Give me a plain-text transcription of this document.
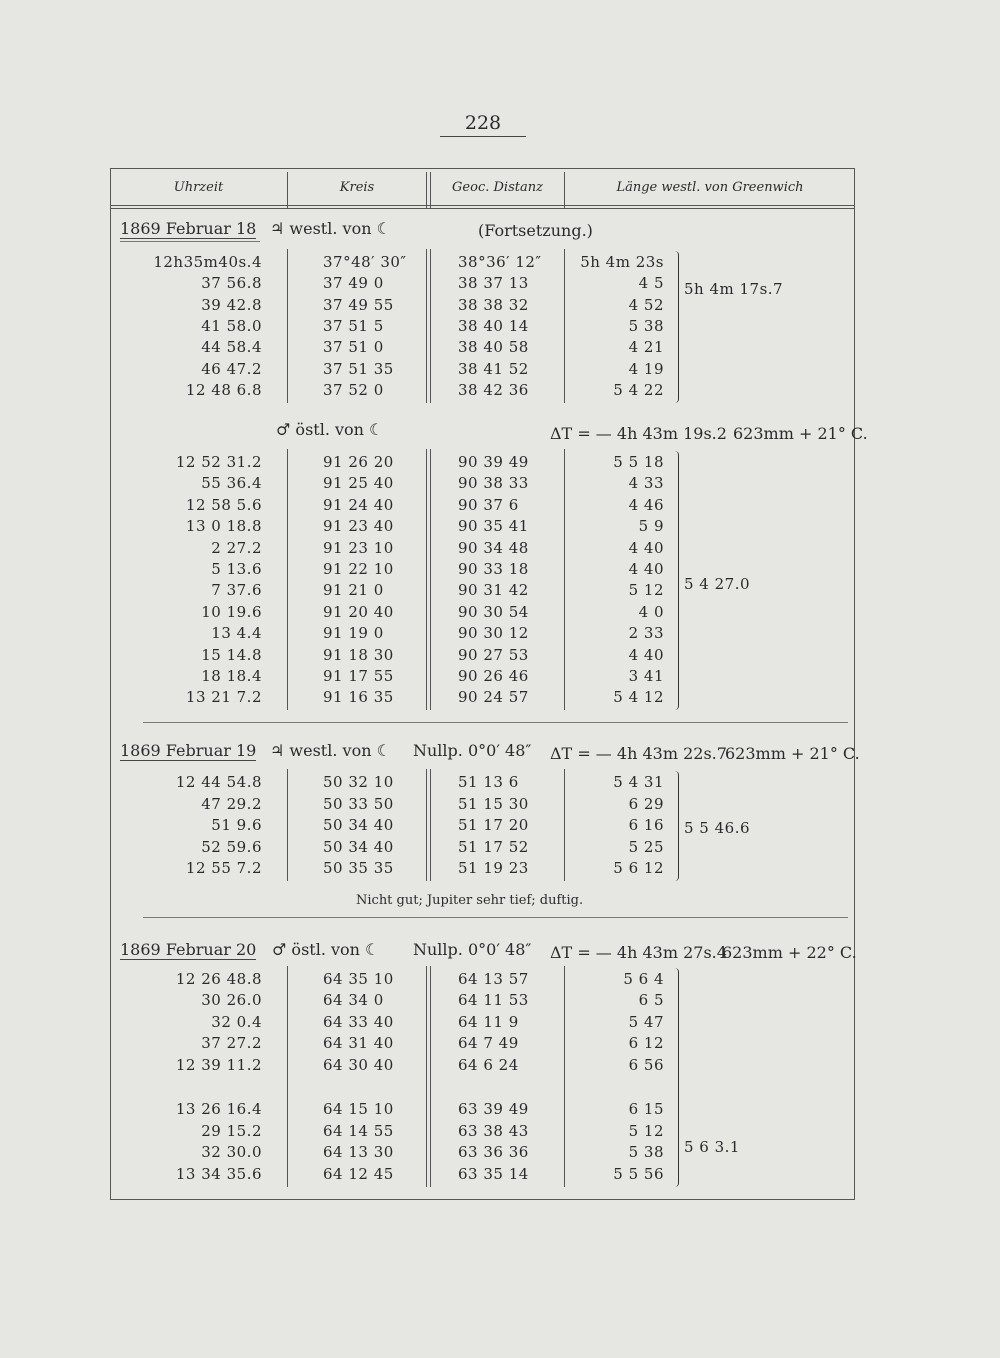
228
Uhrzeit	Kreis	Geoc. Distanz	Länge westl. von Greenwich
1869 Februar 18 ♃ westl. von ☾	(Fortsetzung.)
♂ östl. von ☾	ΔT = — 4h 43m 19s.2 623mm + 21° C.
1869 Februar 19 ♃ westl. von ☾ Nullp. 0°0′ 48″ ΔT = — 4h 43m 22s.7
623mm + 21° C.
Nicht gut; Jupiter sehr tief; duftig.
1869 Februar 20 ♂ östl. von ☾ Nullp. 0°0′ 48″ ΔT = — 4h 43m 27s.4
623mm + 22° C.
12h35m40s.4	37°48′ 30″	38°36′ 12″	5h 4m 23s
37 56.8	37 49 0	38 37 13	4 5
39 42.8	37 49 55	38 38 32	4 52
41 58.0	37 51 5	38 40 14	5 38
44 58.4	37 51 0	38 40 58	4 21
46 47.2	37 51 35	38 41 52	4 19
12 48 6.8	37 52 0	38 42 36	5 4 22
5h 4m 17s.7
12 52 31.2	91 26 20	90 39 49	5 5 18
55 36.4	91 25 40	90 38 33	4 33
12 58 5.6	91 24 40	90 37 6	4 46
13 0 18.8	91 23 40	90 35 41	5 9
2 27.2	91 23 10	90 34 48	4 40
5 13.6	91 22 10	90 33 18	4 40
7 37.6	91 21 0	90 31 42	5 12
10 19.6	91 20 40	90 30 54	4 0
13 4.4	91 19 0	90 30 12	2 33
15 14.8	91 18 30	90 27 53	4 40
18 18.4	91 17 55	90 26 46	3 41
13 21 7.2	91 16 35	90 24 57	5 4 12
5 4 27.0
12 44 54.8	50 32 10	51 13 6	5 4 31
47 29.2	50 33 50	51 15 30	6 29
51 9.6	50 34 40	51 17 20	6 16
52 59.6	50 34 40	51 17 52	5 25
12 55 7.2	50 35 35	51 19 23	5 6 12
5 5 46.6
12 26 48.8	64 35 10	64 13 57	5 6 4
30 26.0	64 34 0	64 11 53	6 5
32 0.4	64 33 40	64 11 9	5 47
37 27.2	64 31 40	64 7 49	6 12
12 39 11.2	64 30 40	64 6 24	6 56
13 26 16.4	64 15 10	63 39 49	6 15
29 15.2	64 14 55	63 38 43	5 12
32 30.0	64 13 30	63 36 36	5 38
13 34 35.6	64 12 45	63 35 14	5 5 56
5 6 3.1
